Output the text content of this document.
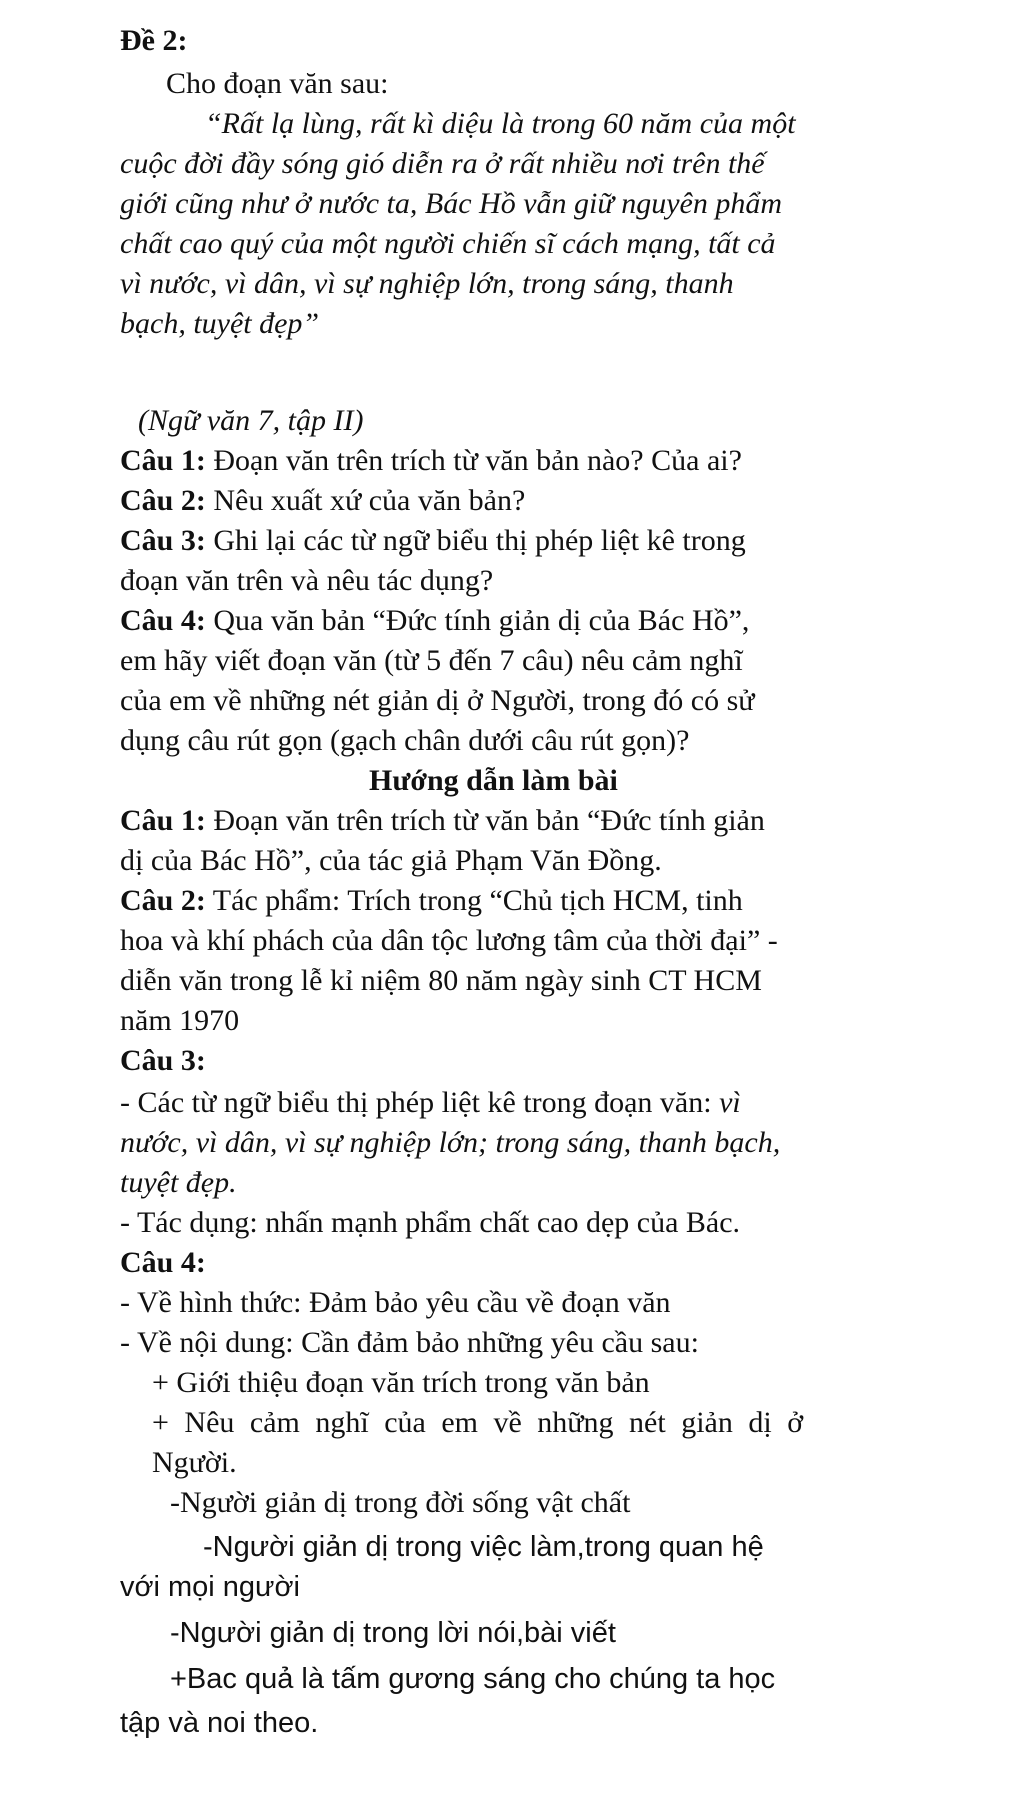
Đề 2:
Cho đoạn văn sau:
“Rất lạ lùng, rất kì diệu là trong 60 năm của một
cuộc đời đầy sóng gió diễn ra ở rất nhiều nơi trên thế
giới cũng như ở nước ta, Bác Hồ vẫn giữ nguyên phẩm
chất cao quý của một người chiến sĩ cách mạng, tất cả
vì nước, vì dân, vì sự nghiệp lớn, trong sáng, thanh
bạch, tuyệt đẹp”
(Ngữ văn 7, tập II)
Câu 1: Đoạn văn trên trích từ văn bản nào? Của ai?
Câu 2: Nêu xuất xứ của văn bản?
Câu 3: Ghi lại các từ ngữ biểu thị phép liệt kê trong
đoạn văn trên và nêu tác dụng?
Câu 4: Qua văn bản “Đức tính giản dị của Bác Hồ”,
em hãy viết đoạn văn (từ 5 đến 7 câu) nêu cảm nghĩ
của em về những nét giản dị ở Người, trong đó có sử
dụng câu rút gọn (gạch chân dưới câu rút gọn)?
Hướng dẫn làm bài
Câu 1: Đoạn văn trên trích từ văn bản “Đức tính giản
dị của Bác Hồ”, của tác giả Phạm Văn Đồng.
Câu 2: Tác phẩm: Trích trong “Chủ tịch HCM, tinh
hoa và khí phách của dân tộc lương tâm của thời đại” -
diễn văn trong lễ kỉ niệm 80 năm ngày sinh CT HCM
năm 1970
Câu 3:
- Các từ ngữ biểu thị phép liệt kê trong đoạn văn: vì
nước, vì dân, vì sự nghiệp lớn; trong sáng, thanh bạch,
tuyệt đẹp.
- Tác dụng: nhấn mạnh phẩm chất cao dẹp của Bác.
Câu 4:
- Về hình thức: Đảm bảo yêu cầu về đoạn văn
- Về nội dung: Cần đảm bảo những yêu cầu sau:
+ Giới thiệu đoạn văn trích trong văn bản
+ Nêu cảm nghĩ của em về những nét giản dị ở
Người.
-Người giản dị trong đời sống vật chất
-Người giản dị trong việc làm,trong quan hệ
với mọi người
-Người giản dị trong lời nói,bài viết
+Bac quả là tấm gương sáng cho chúng ta học
tập và noi theo.
